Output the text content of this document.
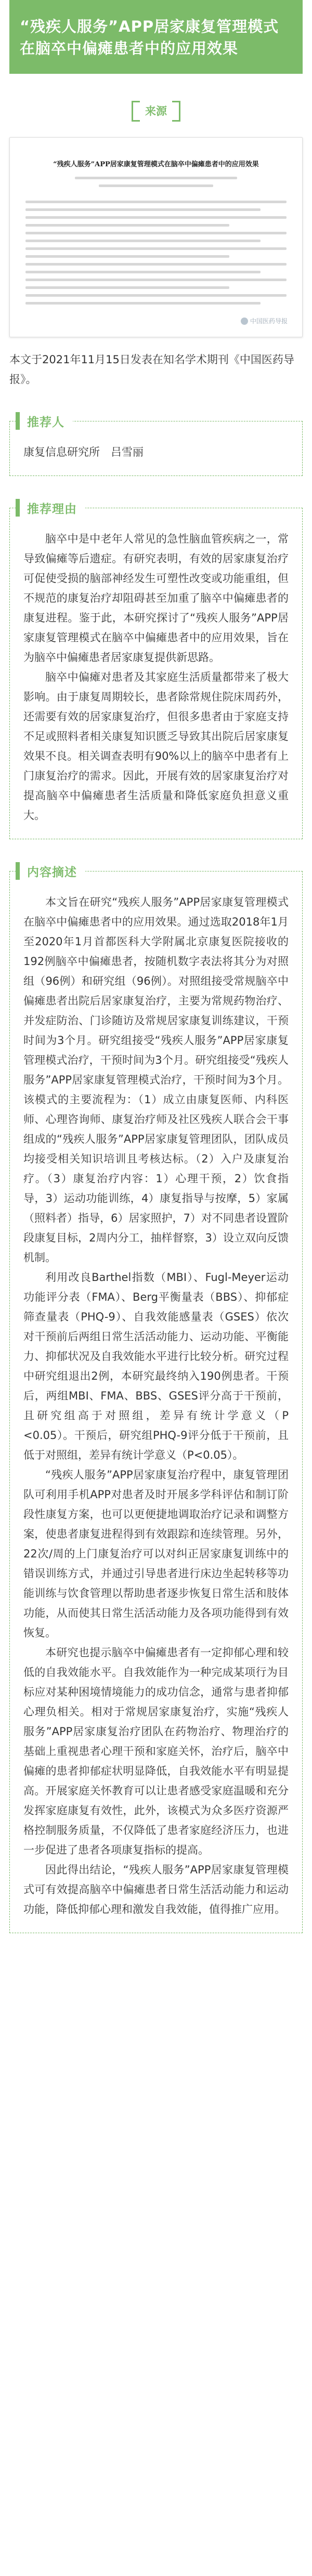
“残疾人服务”APP居家康复管理模式在脑卒中偏瘫患者中的应用效果
来源
“残疾人服务”APP居家康复管理模式在脑卒中偏瘫患者中的应用效果
中国医药导报
本文于2021年11月15日发表在知名学术期刊《中国医药导报》。
推荐人

康复信息研究所　吕雪丽

推荐理由

脑卒中是中老年人常见的急性脑血管疾病之一，常导致偏瘫等后遗症。有研究表明，有效的居家康复治疗可促使受损的脑部神经发生可塑性改变或功能重组，但不规范的康复治疗却阻碍甚至加重了脑卒中偏瘫患者的康复进程。鉴于此，本研究探讨了“残疾人服务”APP居家康复管理模式在脑卒中偏瘫患者中的应用效果，旨在为脑卒中偏瘫患者居家康复提供新思路。

脑卒中偏瘫对患者及其家庭生活质量都带来了极大影响。由于康复周期较长，患者除常规住院床周药外，还需要有效的居家康复治疗，但很多患者由于家庭支持不足或照料者相关康复知识匮乏导致其出院后居家康复效果不良。相关调查表明有90%以上的脑卒中患者有上门康复治疗的需求。因此，开展有效的居家康复治疗对提高脑卒中偏瘫患者生活质量和降低家庭负担意义重大。

内容摘述

本文旨在研究“残疾人服务”APP居家康复管理模式在脑卒中偏瘫患者中的应用效果。通过选取2018年1月至2020年1月首都医科大学附属北京康复医院接收的192例脑卒中偏瘫患者，按随机数字表法将其分为对照组（96例）和研究组（96例）。对照组接受常规脑卒中偏瘫患者出院后居家康复治疗，主要为常规药物治疗、并发症防治、门诊随访及常规居家康复训练建议，干预时间为3个月。研究组接受“残疾人服务”APP居家康复管理模式治疗，干预时间为3个月。研究组接受“残疾人服务”APP居家康复管理模式治疗，干预时间为3个月。该模式的主要流程为：（1）成立由康复医师、内科医师、心理咨询师、康复治疗师及社区残疾人联合会干事组成的“残疾人服务”APP居家康复管理团队，团队成员均接受相关知识培训且考核达标。（2）入户及康复治疗。（3）康复治疗内容：1）心理干预，2）饮食指导，3）运动功能训练，4）康复指导与按摩，5）家属（照料者）指导，6）居家照护，7）对不同患者设置阶段康复目标，2周内分工，抽样督察，3）设立双向反馈机制。

利用改良Barthel指数（MBI）、Fugl-Meyer运动功能评分表（FMA）、Berg平衡量表（BBS）、抑郁症筛查量表（PHQ-9）、自我效能感量表（GSES）依次对干预前后两组日常生活活动能力、运动功能、平衡能力、抑郁状况及自我效能水平进行比较分析。研究过程中研究组退出2例，本研究最终纳入190例患者。干预后，两组MBI、FMA、BBS、GSES评分高于干预前，且研究组高于对照组，差异有统计学意义（P <0.05）。干预后，研究组PHQ-9评分低于干预前，且低于对照组，差异有统计学意义（P<0.05）。

“残疾人服务”APP居家康复治疗程中，康复管理团队可利用手机APP对患者及时开展多学科评估和制订阶段性康复方案，也可以更便捷地调取治疗记录和调整方案，使患者康复进程得到有效跟踪和连续管理。另外，22次/周的上门康复治疗可以对纠正居家康复训练中的错误训练方式，并通过引导患者进行床边坐起转移等功能训练与饮食管理以帮助患者逐步恢复日常生活和肢体功能，从而使其日常生活活动能力及各项功能得到有效恢复。

本研究也提示脑卒中偏瘫患者有一定抑郁心理和较低的自我效能水平。自我效能作为一种完成某项行为目标应对某种困境情境能力的成功信念，通常与患者抑郁心理负相关。相对于常规居家康复治疗，实施“残疾人服务”APP居家康复治疗团队在药物治疗、物理治疗的基础上重视患者心理干预和家庭关怀，治疗后，脑卒中偏瘫的患者抑郁症状明显降低，自我效能水平有明显提高。开展家庭关怀教育可以让患者感受家庭温暖和充分发挥家庭康复有效性，此外，该模式为众多医疗资源严格控制服务质量，不仅降低了患者家庭经济压力，也进一步促进了患者各项康复指标的提高。

因此得出结论，“残疾人服务”APP居家康复管理模式可有效提高脑卒中偏瘫患者日常生活活动能力和运动功能，降低抑郁心理和激发自我效能，值得推广应用。
